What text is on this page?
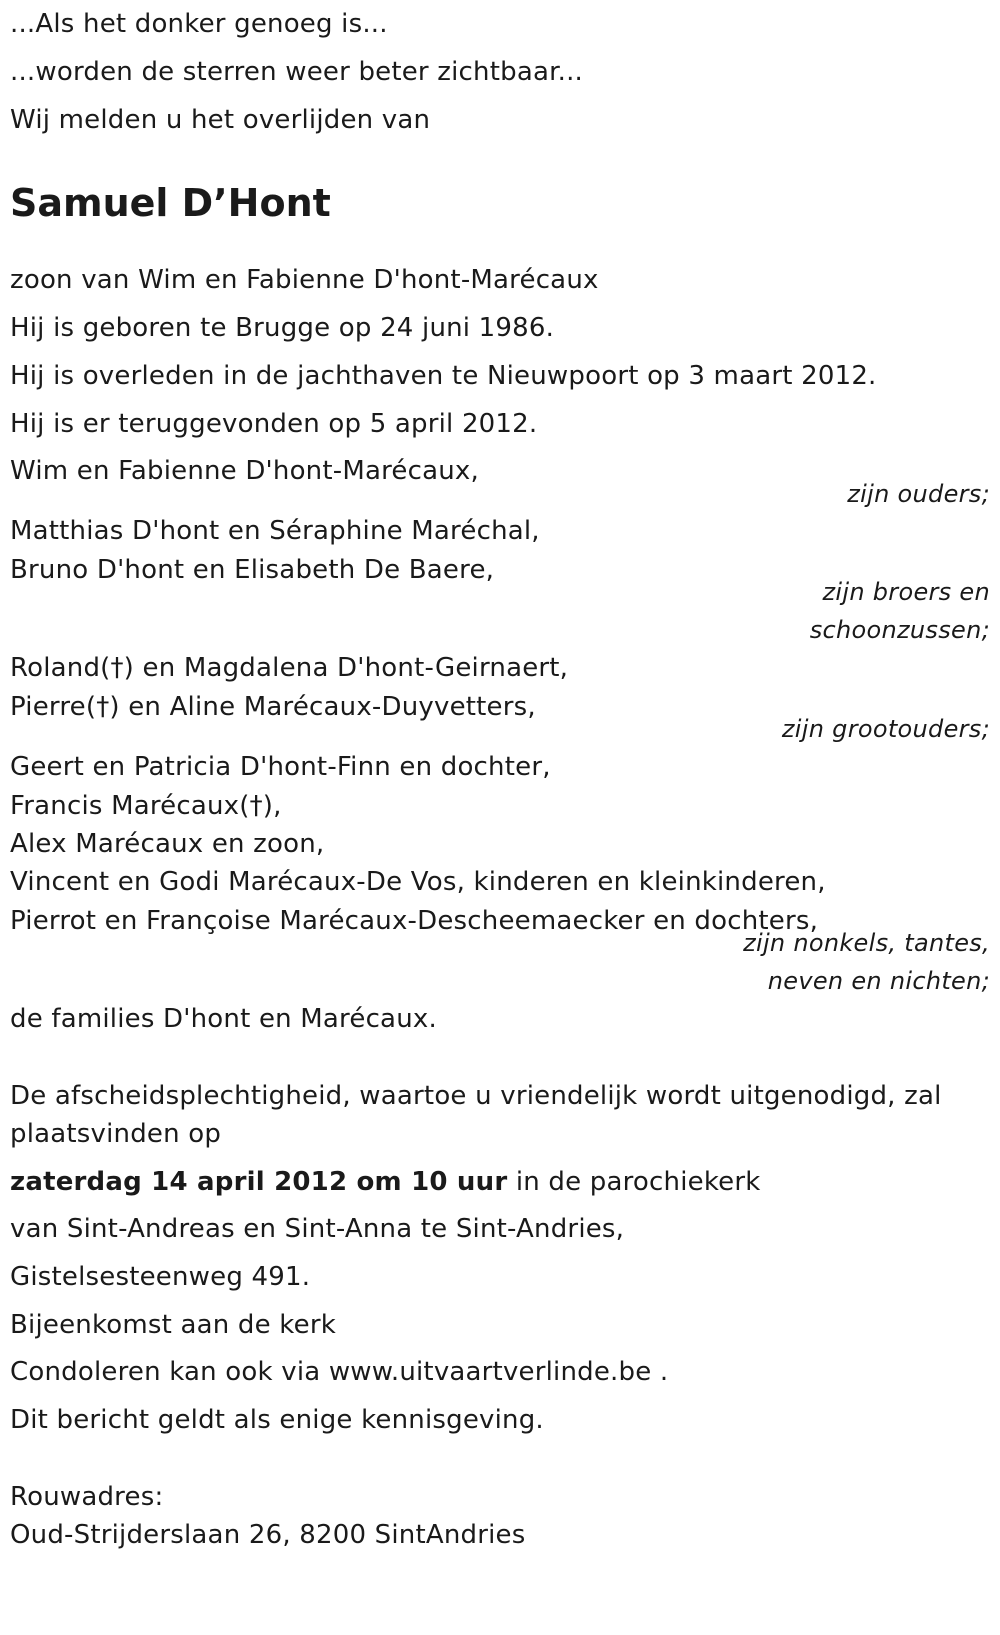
...Als het donker genoeg is...
...worden de sterren weer beter zichtbaar...
Wij melden u het overlijden van
Samuel D’Hont
zoon van Wim en Fabienne D'hont-Marécaux
Hij is geboren te Brugge op 24 juni 1986.
Hij is overleden in de jachthaven te Nieuwpoort op 3 maart 2012.
Hij is er teruggevonden op 5 april 2012.
Wim en Fabienne D'hont-Marécaux,
zijn ouders;
Matthias D'hont en Séraphine Maréchal,
Bruno D'hont en Elisabeth De Baere,
zijn broers en
schoonzussen;
Roland(†) en Magdalena D'hont-Geirnaert,
Pierre(†) en Aline Marécaux-Duyvetters,
zijn grootouders;
Geert en Patricia D'hont-Finn en dochter,
Francis Marécaux(†),
Alex Marécaux en zoon,
Vincent en Godi Marécaux-De Vos, kinderen en kleinkinderen,
Pierrot en Françoise Marécaux-Descheemaecker en dochters,
zijn nonkels, tantes,
neven en nichten;
de families D'hont en Marécaux.
De afscheidsplechtigheid, waartoe u vriendelijk wordt uitgenodigd, zal
plaatsvinden op
zaterdag 14 april 2012 om 10 uur in de parochiekerk
van Sint-Andreas en Sint-Anna te Sint-Andries,
Gistelsesteenweg 491.
Bijeenkomst aan de kerk
Condoleren kan ook via www.uitvaartverlinde.be .
Dit bericht geldt als enige kennisgeving.
Rouwadres:
Oud-Strijderslaan 26, 8200 SintAndries
